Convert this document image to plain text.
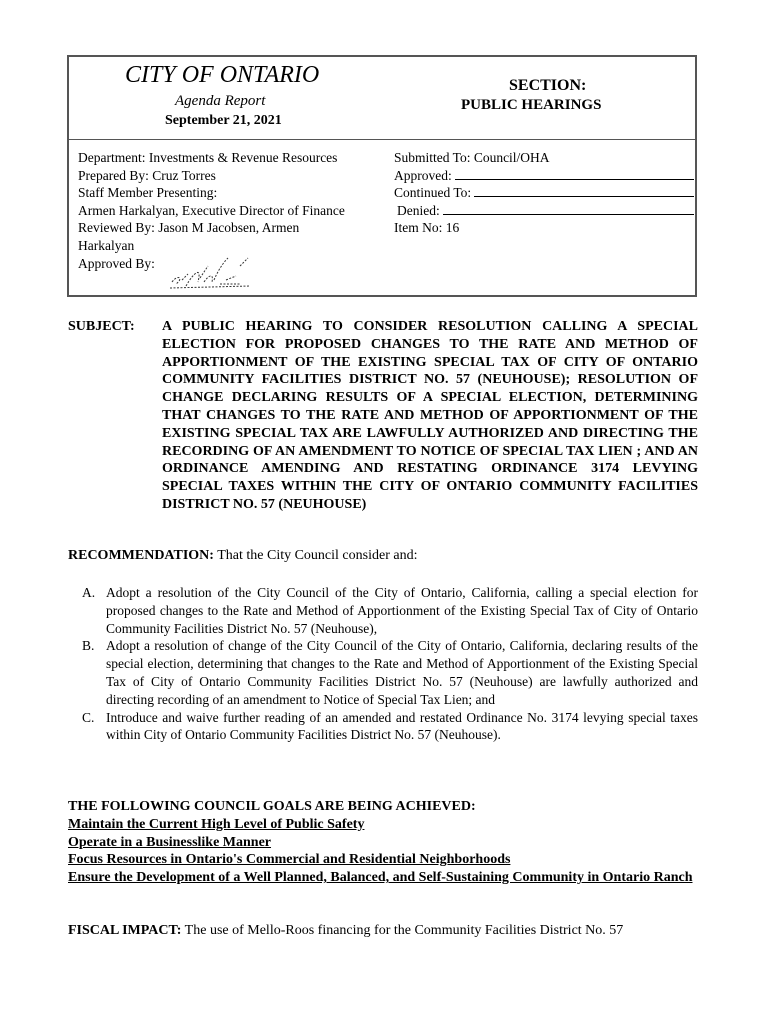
CITY OF ONTARIO
Agenda Report
September 21, 2021
SECTION:
PUBLIC HEARINGS
Department: Investments & Revenue Resources
Prepared By: Cruz Torres
Staff Member Presenting:
Armen Harkalyan, Executive Director of Finance
Reviewed By: Jason M Jacobsen, Armen
Harkalyan
Approved By:
Submitted To: Council/OHA
Approved:
Continued To:
Denied:
Item No: 16
SUBJECT: A PUBLIC HEARING TO CONSIDER RESOLUTION CALLING A SPECIAL ELECTION FOR PROPOSED CHANGES TO THE RATE AND METHOD OF APPORTIONMENT OF THE EXISTING SPECIAL TAX OF CITY OF ONTARIO COMMUNITY FACILITIES DISTRICT NO. 57 (NEUHOUSE); RESOLUTION OF CHANGE DECLARING RESULTS OF A SPECIAL ELECTION, DETERMINING THAT CHANGES TO THE RATE AND METHOD OF APPORTIONMENT OF THE EXISTING SPECIAL TAX ARE LAWFULLY AUTHORIZED AND DIRECTING THE RECORDING OF AN AMENDMENT TO NOTICE OF SPECIAL TAX LIEN ; AND AN ORDINANCE AMENDING AND RESTATING ORDINANCE 3174 LEVYING SPECIAL TAXES WITHIN THE CITY OF ONTARIO COMMUNITY FACILITIES DISTRICT NO. 57 (NEUHOUSE)
RECOMMENDATION: That the City Council consider and:
A. Adopt a resolution of the City Council of the City of Ontario, California, calling a special election for proposed changes to the Rate and Method of Apportionment of the Existing Special Tax of City of Ontario Community Facilities District No. 57 (Neuhouse),
B. Adopt a resolution of change of the City Council of the City of Ontario, California, declaring results of the special election, determining that changes to the Rate and Method of Apportionment of the Existing Special Tax of City of Ontario Community Facilities District No. 57 (Neuhouse) are lawfully authorized and directing recording of an amendment to Notice of Special Tax Lien; and
C. Introduce and waive further reading of an amended and restated Ordinance No. 3174 levying special taxes within City of Ontario Community Facilities District No. 57 (Neuhouse).
THE FOLLOWING COUNCIL GOALS ARE BEING ACHIEVED:
Maintain the Current High Level of Public Safety
Operate in a Businesslike Manner
Focus Resources in Ontario's Commercial and Residential Neighborhoods
Ensure the Development of a Well Planned, Balanced, and Self-Sustaining Community in Ontario Ranch
FISCAL IMPACT: The use of Mello-Roos financing for the Community Facilities District No. 57
